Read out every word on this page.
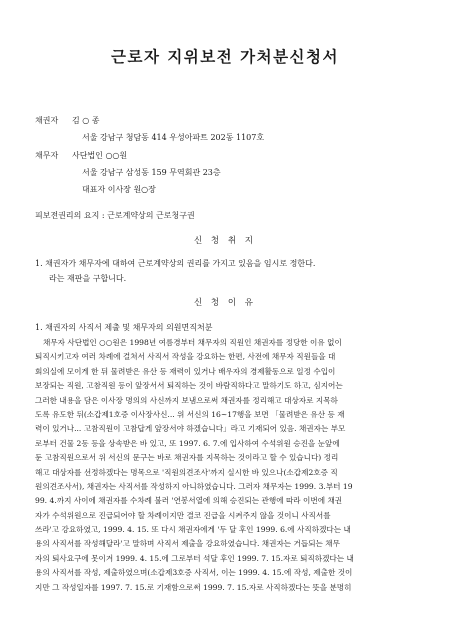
근로자 지위보전 가처분신청서
채권자 김 ○ 종
서울 강남구 청담동 414 우성아파트 202동 1107호
채무자 사단법인 ○○원
서울 강남구 삼성동 159 무역회관 23층
대표자 이사장 원○장
피보전권리의 요지 : 근로계약상의 근로청구권
신 청 취 지
1. 채권자가 채무자에 대하여 근로계약상의 권리를 가지고 있음을 임시로 정한다.
라는 재판을 구합니다.
신 청 이 유
1. 채권자의 사직서 제출 및 채무자의 의원면직처분
채무자 사단법인 ○○원은 1998년 여름경부터 채무자의 직원인 채권자를 정당한 이유 없이
퇴직시키고자 여러 차례에 걸쳐서 사직서 작성을 강요하는 한편, 사전에 채무자 직원들을 대
회의실에 모이게 한 뒤 물려받은 유산 등 재력이 있거나 배우자의 경제활동으로 일정 수입이
보장되는 직원, 고참직원 등이 앞장서서 퇴직하는 것이 바람직하다고 말하기도 하고, 심지어는
그러한 내용을 담은 이사장 명의의 사신까지 보냄으로써 채권자를 정리해고 대상자로 지목하
도록 유도한 뒤(소갑제1호증 이사장사신... 위 서신의 16~17행을 보면 「물려받은 유산 등 재
력이 있거나... 고참직원이 고참답게 앞장서야 하겠습니다」라고 기재되어 있음. 채권자는 부모
로부터 건물 2동 등을 상속받은 바 있고, 또 1997. 6. 7.에 입사하여 수석위원 승진을 눈앞에
둔 고참직원으로서 위 서신의 문구는 바로 채권자를 지목하는 것이라고 할 수 있습니다) 정리
해고 대상자를 선정하겠다는 명목으로 '직원의견조사'까지 실시한 바 있으나(소갑제2호증 직
원의견조사서), 채권자는 사직서를 작성하지 아니하였습니다. 그러자 채무자는 1999. 3.부터 19
99. 4.까지 사이에 채권자를 수차례 불러 '연봉서열에 의해 승진되는 관행에 따라 이번에 채권
자가 수석위원으로 진급되어야 할 차례이지만 결코 진급을 시켜주지 않을 것이니 사직서를
쓰라'고 강요하였고, 1999. 4. 15. 또 다시 채권자에게 '두 달 후인 1999. 6.에 사직하겠다는 내
용의 사직서를 작성해달라'고 말하며 사직서 제출을 강요하였습니다. 채권자는 거듭되는 채무
자의 퇴사요구에 못이겨 1999. 4. 15.에 그로부터 석달 후인 1999. 7. 15.자로 퇴직하겠다는 내
용의 사직서를 작성, 제출하였으며(소갑제3호증 사직서, 이는 1999. 4. 15.에 작성, 제출한 것이
지만 그 작성일자를 1997. 7. 15.로 기재함으로써 1999. 7. 15.자로 사직하겠다는 뜻을 분명히
